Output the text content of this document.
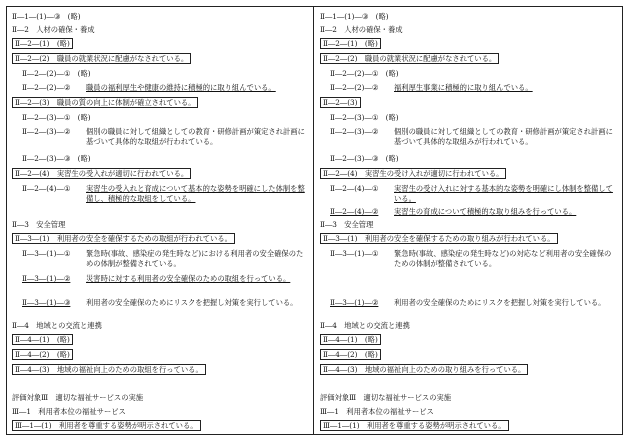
Ⅱ―1―(1)―③　(略)
Ⅱ―2　人材の確保・養成
Ⅱ―2―(1)　(略)
Ⅱ―2―(2)　職員の就業状況に配慮がなされている。
Ⅱ―2―(2)―①　(略)
Ⅱ―2―(2)―② 職員の福利厚生や健康の維持に積極的に取り組んでいる。
Ⅱ―2―(3)　職員の質の向上に体制が確立されている。
Ⅱ―2―(3)―①　(略)
Ⅱ―2―(3)―② 個別の職員に対して組織としての教育・研修計画が策定され計画に基づいて具体的な取組が行われている。
Ⅱ―2―(3)―③　(略)
Ⅱ―2―(4)　実習生の受入れが適切に行われている。
Ⅱ―2―(4)―① 実習生の受入れと育成について基本的な姿勢を明確にした体制を整備し、積極的な取組をしている。
Ⅱ―3　安全管理
Ⅱ―3―(1)　利用者の安全を確保するための取組が行われている。
Ⅱ―3―(1)―① 緊急時(事故、感染症の発生時など)における利用者の安全確保のための体制が整備されている。
Ⅱ―3―(1)―② 災害時に対する利用者の安全確保のための取組を行っている。
Ⅱ―3―(1)―③ 利用者の安全確保のためにリスクを把握し対策を実行している。
Ⅱ―4　地域との交流と連携
Ⅱ―4―(1)　(略)
Ⅱ―4―(2)　(略)
Ⅱ―4―(3)　地域の福祉向上のための取組を行っている。
評価対象Ⅲ　適切な福祉サービスの実施
Ⅲ―1　利用者本位の福祉サービス
Ⅲ―1―(1)　利用者を尊重する姿勢が明示されている。
Ⅱ―1―(1)―③　(略)
Ⅱ―2　人材の確保・養成
Ⅱ―2―(1)　(略)
Ⅱ―2―(2)　職員の就業状況に配慮がなされている。
Ⅱ―2―(2)―①　(略)
Ⅱ―2―(2)―② 福利厚生事業に積極的に取り組んでいる。
Ⅱ―2―(3)
Ⅱ―2―(3)―①　(略)
Ⅱ―2―(3)―② 個別の職員に対して組織としての教育・研修計画が策定され計画に基づいて具体的な取組みが行われている。
Ⅱ―2―(3)―③　(略)
Ⅱ―2―(4)　実習生の受け入れが適切に行われている。
Ⅱ―2―(4)―① 実習生の受け入れに対する基本的な姿勢を明確にし体制を整備している。
Ⅱ―2―(4)―② 実習生の育成について積極的な取り組みを行っている。
Ⅱ―3　安全管理
Ⅱ―3―(1)　利用者の安全を確保するための取り組みが行われている。
Ⅱ―3―(1)―① 緊急時(事故、感染症の発生時など)の対応など利用者の安全確保のための体制が整備されている。
Ⅱ―3―(1)―② 利用者の安全確保のためにリスクを把握し対策を実行している。
Ⅱ―4　地域との交流と連携
Ⅱ―4―(1)　(略)
Ⅱ―4―(2)　(略)
Ⅱ―4―(3)　地域の福祉向上のための取り組みを行っている。
評価対象Ⅲ　適切な福祉サービスの実施
Ⅲ―1　利用者本位の福祉サービス
Ⅲ―1―(1)　利用者を尊重する姿勢が明示されている。
